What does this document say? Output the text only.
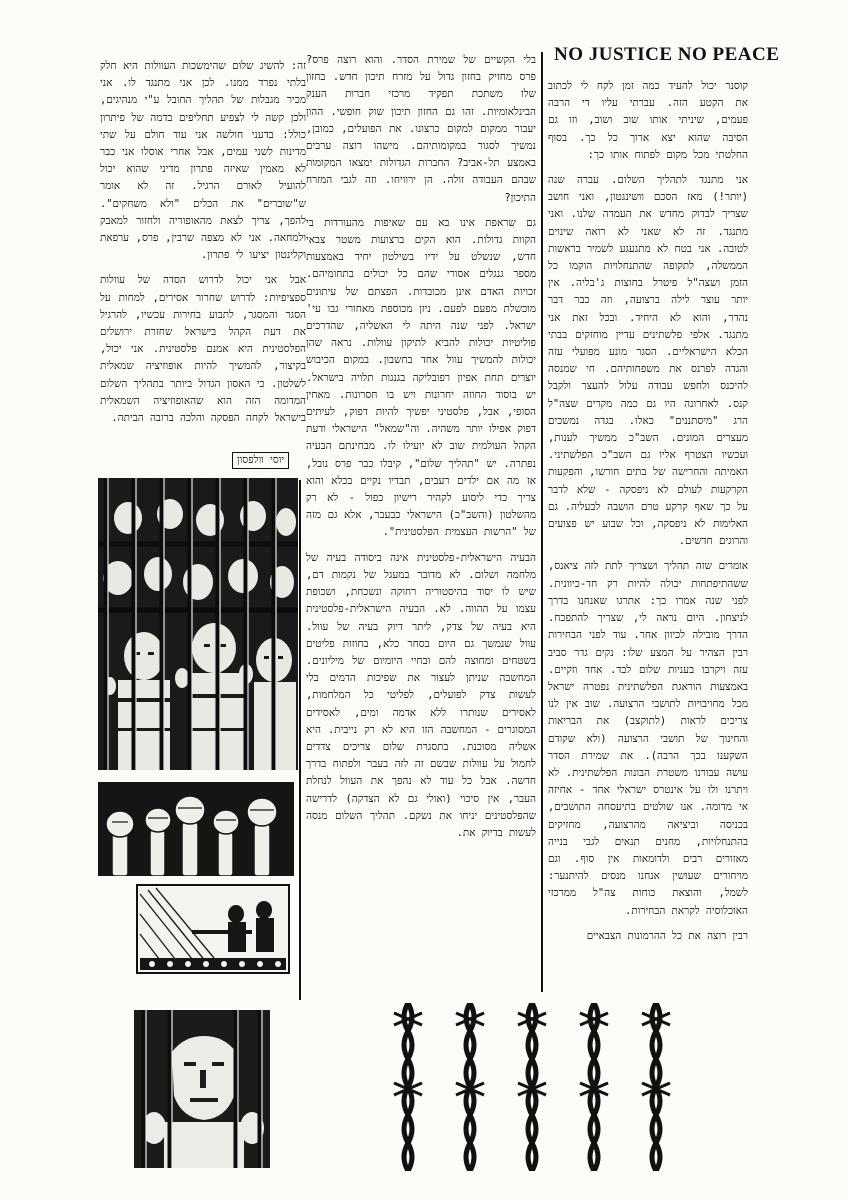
NO JUSTICE NO PEACE

קוסנר יכול להעיד כמה זמן לקח לי לכתוב את הקטע הזה. עברתי עליו די הרבה פעמים, שיניתי אותו שוב ושוב, וזו גם הסיבה שהוא יצא ארוך כל כך. בסוף החלטתי מכל מקום לפתוח אותו כך:

אני מתנגד לתהליך השלום. עברה שנה (יותר!) מאז הסכם וושינגטון, ואני חושב שצריך לבדוק מחדש את העמדה שלנו. ואני מתנגד. זה לא שאני לא רואה שינוים לטובה. אני בטח לא מתגעגע לשמיר בראשות הממשלה, לתקופה שהתנחלויות הוקמו כל הזמן ושצה"ל פיטרל בחוצות ג'בליה. אין יותר עוצר לילה ברצועה, וזה כבר דבר נהדר, והוא לא היחיד. ובכל זאת אני מתנגד. אלפי פלשתינים עדיין מוחזקים בבתי הכלא הישראליים. הסגר מונע מפועלי עזה והגדה לפרנס את משפחותיהם. חי שמנסה להיכנס ולחפש עבודה עלול להעצר ולקבל קנס. לאחרונה היו גם כמה מקרים שצה"ל הרג "מיסתננים" כאלו. בגדה נמשכים מעצרים המונים. השב"כ ממשיך לענות, ועכשיו הצטרף אליו גם השב"כ הפלשתיני. האמיתה והחרישה של בתים חורשו, והפקעות הקרקעות לעולם לא ניפסקה - שלא לדבר על כך שאף קרקע טרם הושבה לבעליה. גם האלימות לא ניפסקה, וכל שבוע יש פצועים והרוגים חדשים.

אומרים שזה תהליך ושצריך לתת לזה ציאנס, ששהתיפתחות יכולה להיות רק חד-כיוונית. לפני שנה אמרו כך: אתרגו שאנחנו בדרך לניצחון. היום נראה לי, שצריך להתפכח. הדרך מובילה לכיוון אחר. עוד לפני הבחירות רבין הצהיר על המצע שלו: נקים גדר סביב עזה ויקרבו בעניות שלום לבד. אחד וזקיים. באמצעות הוראגת הפלשתינית נפטרה ישראל מכל מחויבויות לתושבי הרצועה. שוב אין לנו צריכים לראות (לתוקצב) את הבריאות והחינוך של תושבי הרצועה (ולא שקודם השקענו בכך הרבה). את שמירת הסדר עושה עבורנו משטרת הבונות הפלשתינית. לא ויתרנו ולו על אינטרס ישראלי אחד - אחיזה אי מדומה. אנו שולטים בתיעסחה התושבים, בכניסה וביציאה מהרצועה, מחזיקים בהתנחלויות, מחנים תנאים לגבי בנייה מאזורים רבים ולדומאות אין סוף. וגם מויחורים שעושין אנחנו מנסים להיתנער: לשמל, והוצאת כוחות צה"ל ממרכזי האוכלוסיה לקראת הבחירות.

רבין רוצה את כל ההרמונות הצבאיים

בלי הקשיים של שמירת הסדר. והוא רוצה פרס? פרס מחזיק בחזון גדול על מזרח תיכון חדש. בחזון שלו משתכת תפקיד מרכזי חברות הענק הבינלאומיות. זהו גם החזון תיכון שוק חופשי. ההון יעבור ממקום למקום כרצונו. את הפועלים, כמובן, נמשיך לסגור במקומותיהם. מישהו רוצה ערבים באמצע תל-אביב? החברות הגדולות ימצאו המקומות שבהם העבודה זולה. הן ירוויחו. וזה לגבי המזרח התיכון?

גם שראפת אינו בא עם שאיפות מהעורדות בי הקוות גדולות. הוא הקים ברצועות משטר צבאי חדש, שנשלט על ידיו בשילטון יחיד באמצעות מספר גנגלים אסורי שהם כל יכולים בתחומיהם. זכויות האדם אינן מכובדות. הפצתם של עיתונים מוכשלת מפעם לפעם. ניזן מכוספת מאחורי גבו עי' ישראל. לפני שנה היתה לי האשליה, שהדרכים פוליטיות יכולות להביא לתיקון עוולות. נראה שהן יכולות להמשיך עוול אחד בחשבון. במקום הכיבוש יוצרים תחת אפיון רפובליקה בגנגות תלויה בישראל. יש בוסוד החוזה יחרונות ויש בו חסרונות. מאחין הסופי, אבל, פלסטיני יפשיך להיות דפוק, לעיתים דפוק אפילו יותר משהיה. וה"שמאל" הישראלי ודעת הקהל העולמית שוב לא יועילו לו. מבחינתם הבעיה נפתרה. יש "תהליך שלום", קיבלו כבר פרס נובל, אז מה אם ילדים רעבים, תבדיו נקיים בכלא והוא צריך כדי ליסוע לקהיר רישיון כפול - לא רק מהשלטון (והשב"כ) הישראלי כבעבר, אלא גם מזה של "הרשות העצמית הפלסטינית".

הבעיה הישראלית-פלסטינית אינה ביסודה בעיה של מלחמה ושלום. לא מדובר במעגל של נקמות דם, שיש לו יסוד בהיסטוריה רחוקה ונשכחת, ושכופת עצמו על ההווה. לא. הבעיה הישראלית-פלסטינית היא בעיה של צדק, ליתר דיוק בעיה של עוול. עוול שנמשך גם היום בסחר כלא, בחוזות פליטים בשטחים ומחוצה להם ובחיי היומיום של מיליונים. המחשבה שניתן לעצור את שפיכות הדמים בלי לעשות צדק לפועלים, לפליטי כל המלחמות, לאסירים שנותרו ללא אדמה ומים, לאסידים המסוגרים - המחשבה הזו היא לא רק נייבית. היא אשליה מסוכנת. בתסגרת שלום צריכים צדדים לחמול על עוולות שבשם זה לזה בעבר ולפתוח בדרך חדשה. אבל כל עוד לא נהפך את העוול לנחלת העבר, אין סיכוי (ואולי גם לא הצדקה) לדרישה שהפלסטינים יניחו את נשקם. תהליך השלום מנסה לעשות בדיוק את.

זה: להשיג שלום שהימשכות העוולות היא חלק בלתי נפרד ממנו. לכן אני מתנגד לו. אני מכיר מגבלות של תהליך החובל ע"י מנהיגים, ולכן קשה לי לצפיע תחליפים בדמה של פיתרון כולל: בדעני חולשה אני עוד חולם על שתי מדינות לשני עמים, אבל אחרי אוסלו אני כבר לא מאמין שאיזה פתרון מדיני שהוא יכול להועיל לאורם הרגיל. זה לא אומר ש"שוברים" את הכלים "ולא משחקים". להפך, צריך לצאת מהאופוריה ולחזור למאבק ולמחאה. אני לא מצפה שרבין, פרס, ערפאת וקלינטון יציעו לי פתרון.

אבל אני יכול לדרוש הסדה של עוולות ספציפיות: לדרוש שחרור אסירים, למחות על הסגר והמסגר, לתבוע בחירות עכשיו, להרגיל את דעת הקהל בישראל שחזרת ירושלים הפלסטינית היא אמנם פלסטינית. אני יכול, בקיצור, להמשיך להיות אופוזיציה שמאלית לשלטון. כי האסון הגדול ביותר בתהליך השלום המדומה הזה הוא שהאופוזיציה השמאלית בישראל לקחה הפסקה והלכה ברובה הביתה.

יוסי וולפסון
